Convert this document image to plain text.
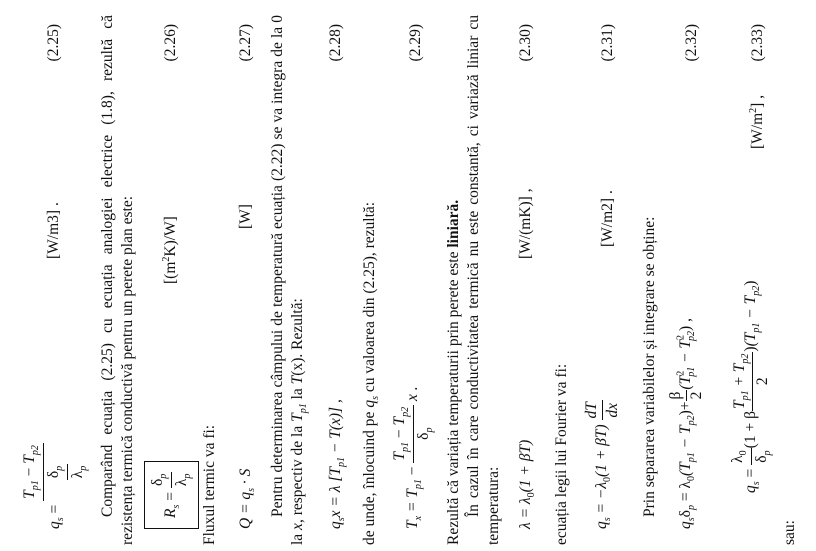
$q_s$ =
$T_{p1} - T_{p2}$
$\delta_p$
$\lambda_p$
[W/m3] .
(2.25) Comparând ecuația (2.25) cu ecuația analogiei electrice (1.8), rezultă că rezistența termică conductivă pentru un perete plan este:	$R_s$ =
$\delta_p$
$\lambda_p$
$[(m^2K)/W]$
(2.26)

Fluxul termic va fi: $Q = q_s \cdot S$
[W]
(2.27) Pentru determinarea câmpului de temperatură ecuația (2.22) se va integra de la 0 la x, respectiv de la $T_{p1}$ la T(x). Rezultă:

$q_sx = \lambda$ $[T_{p1} - T(x)]$ ,
(2.28)

de unde, înlocuind pe $q_s$ cu valoarea din (2.25), rezultă:

$T_x = T_{p1}$ −
$T_{p1} - T_{p2}$
$\delta_p$
x .
(2.29)

Rezultă că variația temperaturii prin perete este liniară. În cazul în care conductivitatea termică nu este constantă, ci variază liniar cu temperatura: $\lambda = \lambda_0(1 + \beta T)$
[W/(mK)] ,
(2.30)

ecuația legii lui Fourier va fi:	$q_s = -\lambda_0(1 + \beta T)$
dT dx
[W/m2] .
(2.31)

Prin separarea variabilelor și integrare se obține:

$q_s\delta_p = \lambda_0(T_{p1} - T_{p2})+$
β 2
$(T^2_{p1} - T^2_{p2})$ ,
(2.32)
sau:
$q_s$ =
$\lambda_0$
$\delta_p$
(1 + β
$T_{p1} + T_{p2}$
2
)$(T_{p1} - T_{p2})$
$[W/m^2]$ ,
(2.33)
